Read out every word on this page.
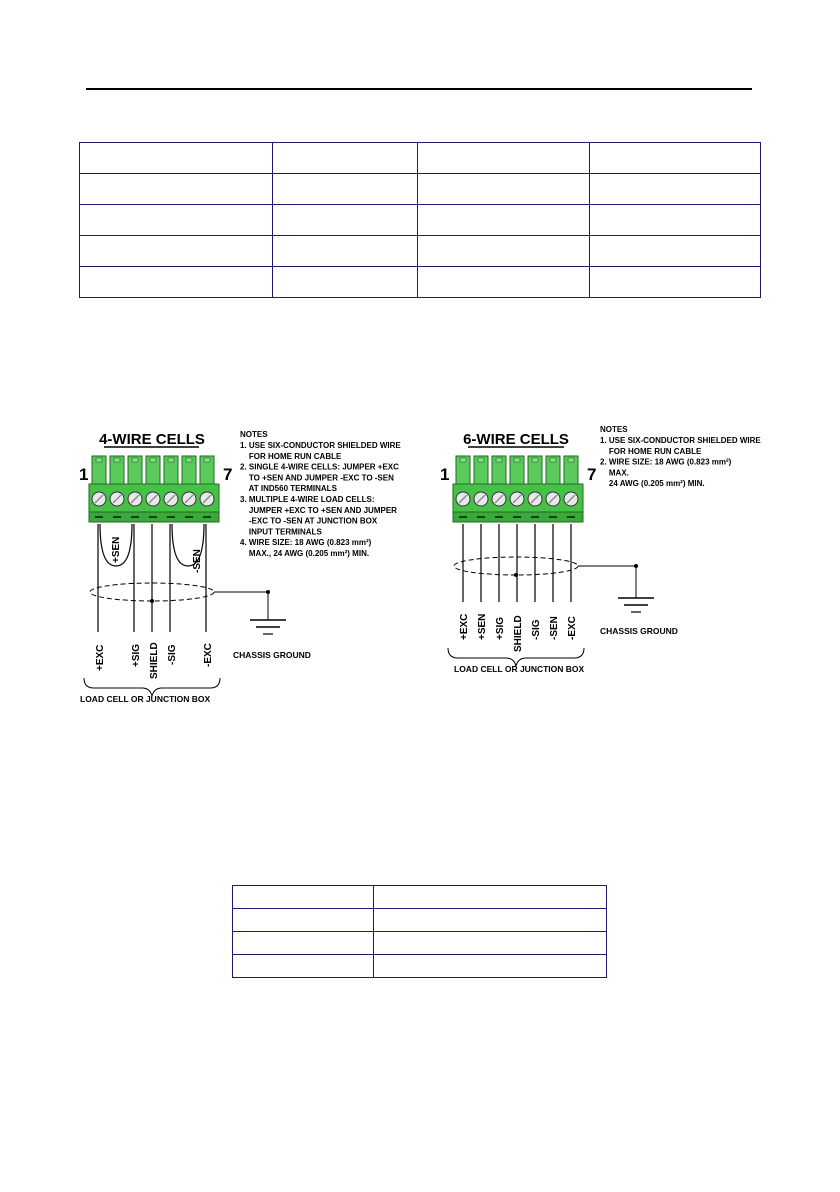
4-WIRE CELLS
1	7
+SEN	-SEN
CHASSIS GROUND
+EXC	+SIG SHIELD -SIG	-EXC
LOAD CELL OR JUNCTION BOX
NOTES
1. USE SIX-CONDUCTOR SHIELDED WIRE
FOR HOME RUN CABLE
2. SINGLE 4-WIRE CELLS: JUMPER +EXC
TO +SEN AND JUMPER -EXC TO -SEN
AT IND560 TERMINALS
3. MULTIPLE 4-WIRE LOAD CELLS:
JUMPER +EXC TO +SEN AND JUMPER
-EXC TO -SEN AT JUNCTION BOX
INPUT TERMINALS
4. WIRE SIZE: 18 AWG (0.823 mm²)
MAX., 24 AWG (0.205 mm²) MIN.
6-WIRE CELLS
1	7
CHASSIS GROUND
+EXC +SEN +SIG SHIELD -SIG -SEN -EXC
LOAD CELL OR JUNCTION BOX
NOTES
1. USE SIX-CONDUCTOR SHIELDED WIRE
FOR HOME RUN CABLE
2. WIRE SIZE: 18 AWG (0.823 mm²)
MAX.
24 AWG (0.205 mm²) MIN.
